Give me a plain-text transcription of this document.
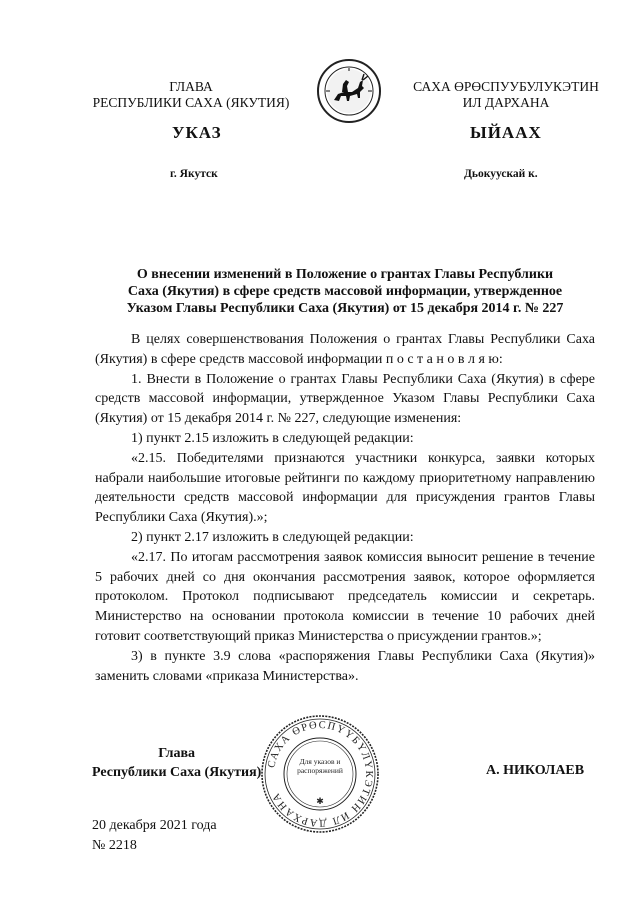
ГЛАВА
РЕСПУБЛИКИ САХА (ЯКУТИЯ)
САХА ӨРӨСПУУБУЛУКЭТИН
ИЛ ДАРХАНА
УКАЗ	ЫЙААХ
г. Якутск	Дьокуускай к.
О внесении изменений в Положение о грантах Главы Республики
Саха (Якутия) в сфере средств массовой информации, утвержденное
Указом Главы Республики Саха (Якутия) от 15 декабря 2014 г. № 227

В целях совершенствования Положения о грантах Главы Республики Саха (Якутия) в сфере средств массовой информации п о с т а н о в л я ю:

1. Внести в Положение о грантах Главы Республики Саха (Якутия) в сфере средств массовой информации, утвержденное Указом Главы Республики Саха (Якутия) от 15 декабря 2014 г. № 227, следующие изменения:

1) пункт 2.15 изложить в следующей редакции:

«2.15. Победителями признаются участники конкурса, заявки которых набрали наибольшие итоговые рейтинги по каждому приоритетному направлению деятельности средств массовой информации для присуждения грантов Главы Республики Саха (Якутия).»;

2) пункт 2.17 изложить в следующей редакции:

«2.17. По итогам рассмотрения заявок комиссия выносит решение в течение 5 рабочих дней со дня окончания рассмотрения заявок, которое оформляется протоколом. Протокол подписывают председатель комиссии и секретарь. Министерство на основании протокола комиссии в течение 10 рабочих дней готовит соответствующий приказ Министерства о присуждении грантов.»;

3) в пункте 3.9 слова «распоряжения Главы Республики Саха (Якутия)» заменить словами «приказа Министерства».

Глава
Республики Саха (Якутия)
САХА ӨРӨСПҮҮБҮЛҮКЭТИН ИЛ ДАРХАНА
Для указов и распоряжений
✱
А. НИКОЛАЕВ
20 декабря 2021 года
№ 2218
